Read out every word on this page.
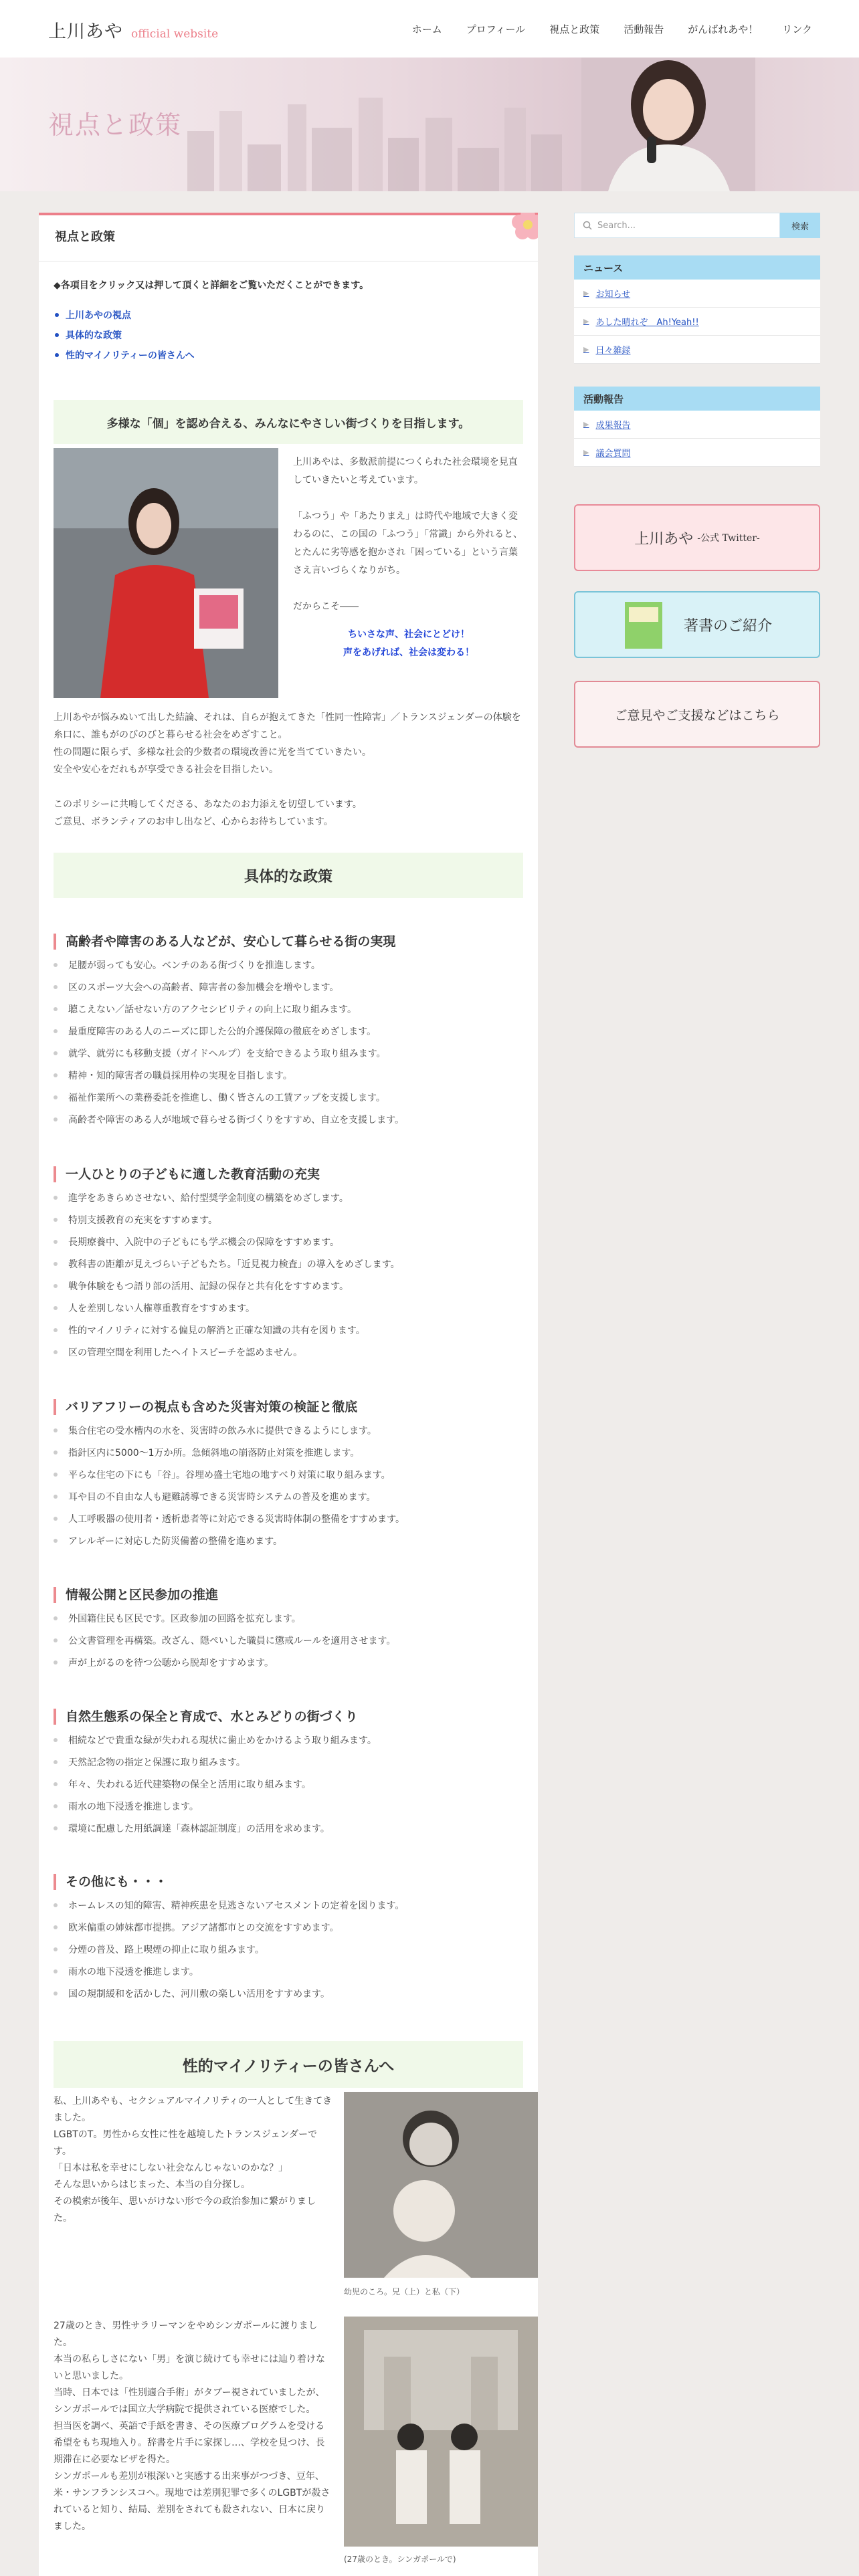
上川あや official website	ホーム プロフィール 視点と政策 活動報告 がんばれあや！ リンク
視点と政策
視点と政策

◆各項目をクリック又は押して頂くと詳細をご覧いただくことができます。

上川あやの視点
具体的な政策
性的マイノリティーの皆さんへ
多様な「個」を認め合える、みんなにやさしい街づくりを目指します。

上川あやは、多数派前提につくられた社会環境を見直していきたいと考えています。

「ふつう」や「あたりまえ」は時代や地域で大きく変わるのに、この国の「ふつう」「常識」から外れると、とたんに劣等感を抱かされ「困っている」という言葉さえ言いづらくなりがち。

だからこそ――

ちいさな声、社会にとどけ！

声をあげれば、社会は変わる！

上川あやが悩みぬいて出した結論、それは、自らが抱えてきた「性同一性障害」／トランスジェンダーの体験を糸口に、誰もがのびのびと暮らせる社会をめざすこと。

性の問題に限らず、多様な社会的少数者の環境改善に光を当てていきたい。

安全や安心をだれもが享受できる社会を目指したい。

このポリシーに共鳴してくださる、あなたのお力添えを切望しています。

ご意見、ボランティアのお申し出など、心からお待ちしています。

具体的な政策
高齢者や障害のある人などが、安心して暮らせる街の実現
足腰が弱っても安心。ベンチのある街づくりを推進します。
区のスポーツ大会への高齢者、障害者の参加機会を増やします。
聴こえない／話せない方のアクセシビリティの向上に取り組みます。
最重度障害のある人のニーズに即した公的介護保障の徹底をめざします。
就学、就労にも移動支援（ガイドヘルプ）を支給できるよう取り組みます。
精神・知的障害者の職員採用枠の実現を目指します。
福祉作業所への業務委託を推進し、働く皆さんの工賃アップを支援します。
高齢者や障害のある人が地域で暮らせる街づくりをすすめ、自立を支援します。
一人ひとりの子どもに適した教育活動の充実
進学をあきらめさせない、給付型奨学金制度の構築をめざします。
特別支援教育の充実をすすめます。
長期療養中、入院中の子どもにも学ぶ機会の保障をすすめます。
教科書の距離が見えづらい子どもたち。「近見視力検査」の導入をめざします。
戦争体験をもつ語り部の活用、記録の保存と共有化をすすめます。
人を差別しない人権尊重教育をすすめます。
性的マイノリティに対する偏見の解消と正確な知識の共有を図ります。
区の管理空間を利用したヘイトスピーチを認めません。
バリアフリーの視点も含めた災害対策の検証と徹底
集合住宅の受水槽内の水を、災害時の飲み水に提供できるようにします。
指針区内に5000〜1万か所。急傾斜地の崩落防止対策を推進します。
平らな住宅の下にも「谷」。谷埋め盛土宅地の地すべり対策に取り組みます。
耳や目の不自由な人も避難誘導できる災害時システムの普及を進めます。
人工呼吸器の使用者・透析患者等に対応できる災害時体制の整備をすすめます。
アレルギーに対応した防災備蓄の整備を進めます。
情報公開と区民参加の推進
外国籍住民も区民です。区政参加の回路を拡充します。
公文書管理を再構築。改ざん、隠ぺいした職員に懲戒ルールを適用させます。
声が上がるのを待つ公聴から脱却をすすめます。
自然生態系の保全と育成で、水とみどりの街づくり
相続などで貴重な緑が失われる現状に歯止めをかけるよう取り組みます。
天然記念物の指定と保護に取り組みます。
年々、失われる近代建築物の保全と活用に取り組みます。
雨水の地下浸透を推進します。
環境に配慮した用紙調達「森林認証制度」の活用を求めます。
その他にも・・・
ホームレスの知的障害、精神疾患を見逃さないアセスメントの定着を図ります。
欧米偏重の姉妹都市提携。アジア諸都市との交流をすすめます。
分煙の普及、路上喫煙の抑止に取り組みます。
雨水の地下浸透を推進します。
国の規制緩和を活かした、河川敷の楽しい活用をすすめます。
性的マイノリティーの皆さんへ

私、上川あやも、セクシュアルマイノリティの一人として生きてきました。

LGBTのT。男性から女性に性を越境したトランスジェンダーです。

「日本は私を幸せにしない社会なんじゃないのかな？」

そんな思いからはじまった、本当の自分探し。

その模索が後年、思いがけない形で今の政治参加に繋がりました。

幼児のころ。兄（上）と私（下）

27歳のとき、男性サラリーマンをやめシンガポールに渡りました。

本当の私らしさにない「男」を演じ続けても幸せには辿り着けないと思いました。

当時、日本では「性別適合手術」がタブー視されていましたが、シンガポールでは国立大学病院で提供されている医療でした。

担当医を調べ、英語で手紙を書き、その医療プログラムを受ける希望をもち現地入り。辞書を片手に家探し…、学校を見つけ、長期滞在に必要なビザを得た。

シンガポールも差別が根深いと実感する出来事がつづき、豆年、米・サンフランシスコへ。現地では差別犯罪で多くのLGBTが殺されていると知り、結局、差別をされても殺されない、日本に戻りました。

(27歳のとき。シンガポールで)

Search...	検索
ニュース
▶ お知らせ
▶ あした晴れぞ　Ah!Yeah!!
▶ 日々雑録
活動報告
▶ 成果報告
▶ 議会質問
上川あや -公式 Twitter-
著書のご紹介
ご意見やご支援などはこちら
